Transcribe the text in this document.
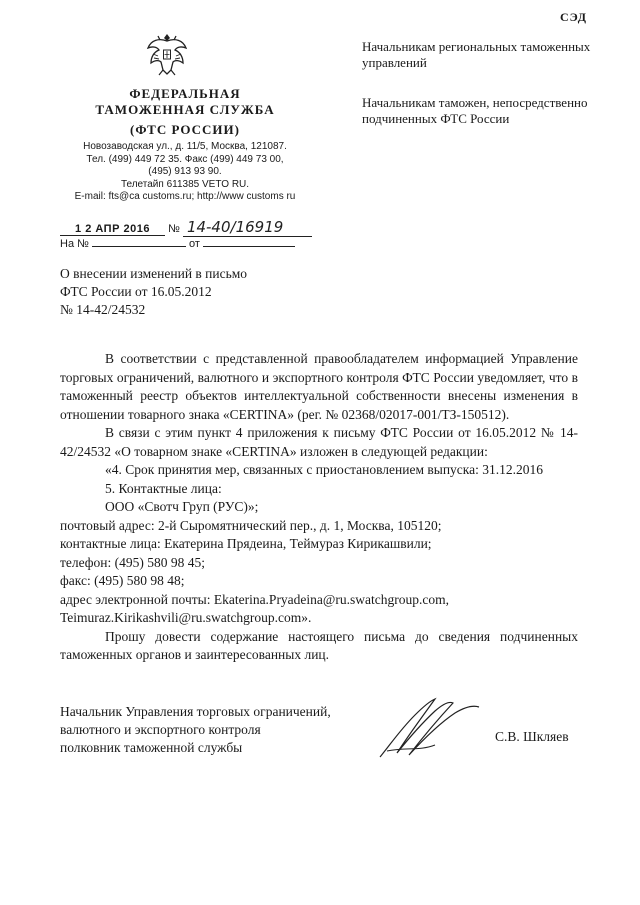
СЭД
ФЕДЕРАЛЬНАЯ
ТАМОЖЕННАЯ СЛУЖБА
(ФТС РОССИИ)
Новозаводская ул., д. 11/5, Москва, 121087.
Тел. (499) 449 72 35. Факс (499) 449 73 00,
(495) 913 93 90.
Телетайп 611385 VETO RU.
E-mail: fts@ca customs.ru; http://www customs ru
1 2 АПР 2016 № 14-40/16919
На №	от
Начальникам региональных таможенных управлений
Начальникам таможен, непосредственно подчиненных ФТС России
О внесении изменений в письмо
ФТС России от 16.05.2012
№ 14-42/24532

В соответствии с представленной правообладателем информацией Управление торговых ограничений, валютного и экспортного контроля ФТС России уведомляет, что в таможенный реестр объектов интеллектуальной собственности внесены изменения в отношении товарного знака «CERTINA» (рег. № 02368/02017-001/ТЗ-150512).

В связи с этим пункт 4 приложения к письму ФТС России от 16.05.2012 № 14-42/24532 «О товарном знаке «CERTINA» изложен в следующей редакции:

«4. Срок принятия мер, связанных с приостановлением выпуска: 31.12.2016

5. Контактные лица:

ООО «Свотч Груп (РУС)»;

почтовый адрес: 2-й Сыромятнический пер., д. 1, Москва, 105120;

контактные лица: Екатерина Прядеина, Теймураз Кирикашвили;

телефон: (495) 580 98 45;

факс: (495) 580 98 48;

адрес электронной почты: Ekaterina.Pryadeina@ru.swatchgroup.com,

Teimuraz.Kirikashvili@ru.swatchgroup.com».

Прошу довести содержание настоящего письма до сведения подчиненных таможенных органов и заинтересованных лиц.

Начальник Управления торговых ограничений,
валютного и экспортного контроля
полковник таможенной службы
С.В. Шкляев
